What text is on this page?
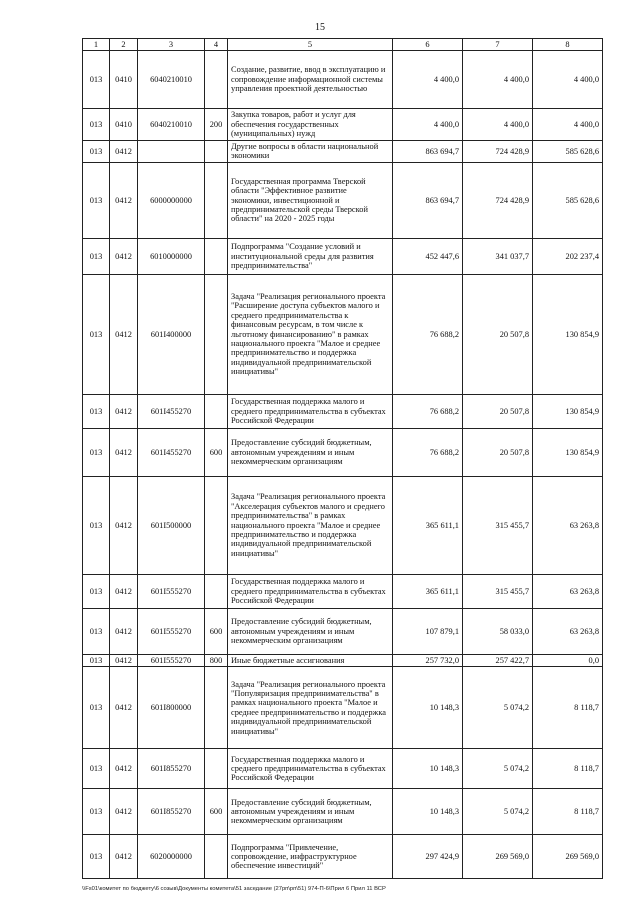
15
1	2	3	4	5	6	7	8
013	0410	6040210010		Создание, развитие, ввод в эксплуатацию и сопровождение информационной системы управления проектной деятельностью	4 400,0	4 400,0	4 400,0
013	0410	6040210010	200	Закупка товаров, работ и услуг для обеспечения государственных (муниципальных) нужд	4 400,0	4 400,0	4 400,0
013	0412			Другие вопросы в области национальной экономики	863 694,7	724 428,9	585 628,6
013	0412	6000000000		Государственная программа Тверской области "Эффективное развитие экономики, инвестиционной и предпринимательской среды Тверской области" на 2020 - 2025 годы	863 694,7	724 428,9	585 628,6
013	0412	6010000000		Подпрограмма "Создание условий и институциональной среды для развития предпринимательства"	452 447,6	341 037,7	202 237,4
013	0412	601I400000		Задача "Реализация регионального проекта "Расширение доступа субъектов малого и среднего предпринимательства к финансовым ресурсам, в том числе к льготному финансированию" в рамках национального проекта "Малое и среднее предпринимательство и поддержка индивидуальной предпринимательской инициативы"	76 688,2	20 507,8	130 854,9
013	0412	601I455270		Государственная поддержка малого и среднего предпринимательства в субъектах Российской Федерации	76 688,2	20 507,8	130 854,9
013	0412	601I455270	600	Предоставление субсидий бюджетным, автономным учреждениям и иным некоммерческим организациям	76 688,2	20 507,8	130 854,9
013	0412	601I500000		Задача "Реализация регионального проекта "Акселерация субъектов малого и среднего предпринимательства" в рамках национального проекта "Малое и среднее предпринимательство и поддержка индивидуальной предпринимательской инициативы"	365 611,1	315 455,7	63 263,8
013	0412	601I555270		Государственная поддержка малого и среднего предпринимательства в субъектах Российской Федерации	365 611,1	315 455,7	63 263,8
013	0412	601I555270	600	Предоставление субсидий бюджетным, автономным учреждениям и иным некоммерческим организациям	107 879,1	58 033,0	63 263,8
013	0412	601I555270	800	Иные бюджетные ассигнования	257 732,0	257 422,7	0,0
013	0412	601I800000		Задача "Реализация регионального проекта "Популяризация предпринимательства" в рамках национального проекта "Малое и среднее предпринимательство и поддержка индивидуальной предпринимательской инициативы"	10 148,3	5 074,2	8 118,7
013	0412	601I855270		Государственная поддержка малого и среднего предпринимательства в субъектах Российской Федерации	10 148,3	5 074,2	8 118,7
013	0412	601I855270	600	Предоставление субсидий бюджетным, автономным учреждениям и иным некоммерческим организациям	10 148,3	5 074,2	8 118,7
013	0412	6020000000		Подпрограмма "Привлечение, сопровождение, инфраструктурное обеспечение инвестиций"	297 424,9	269 569,0	269 569,0
\\Fs01\комитет по бюджету\6 созыв\Документы комитета\51 заседание (27рп\рп\51) 974-П-6\Прил 6 Прил 11 ВСР
